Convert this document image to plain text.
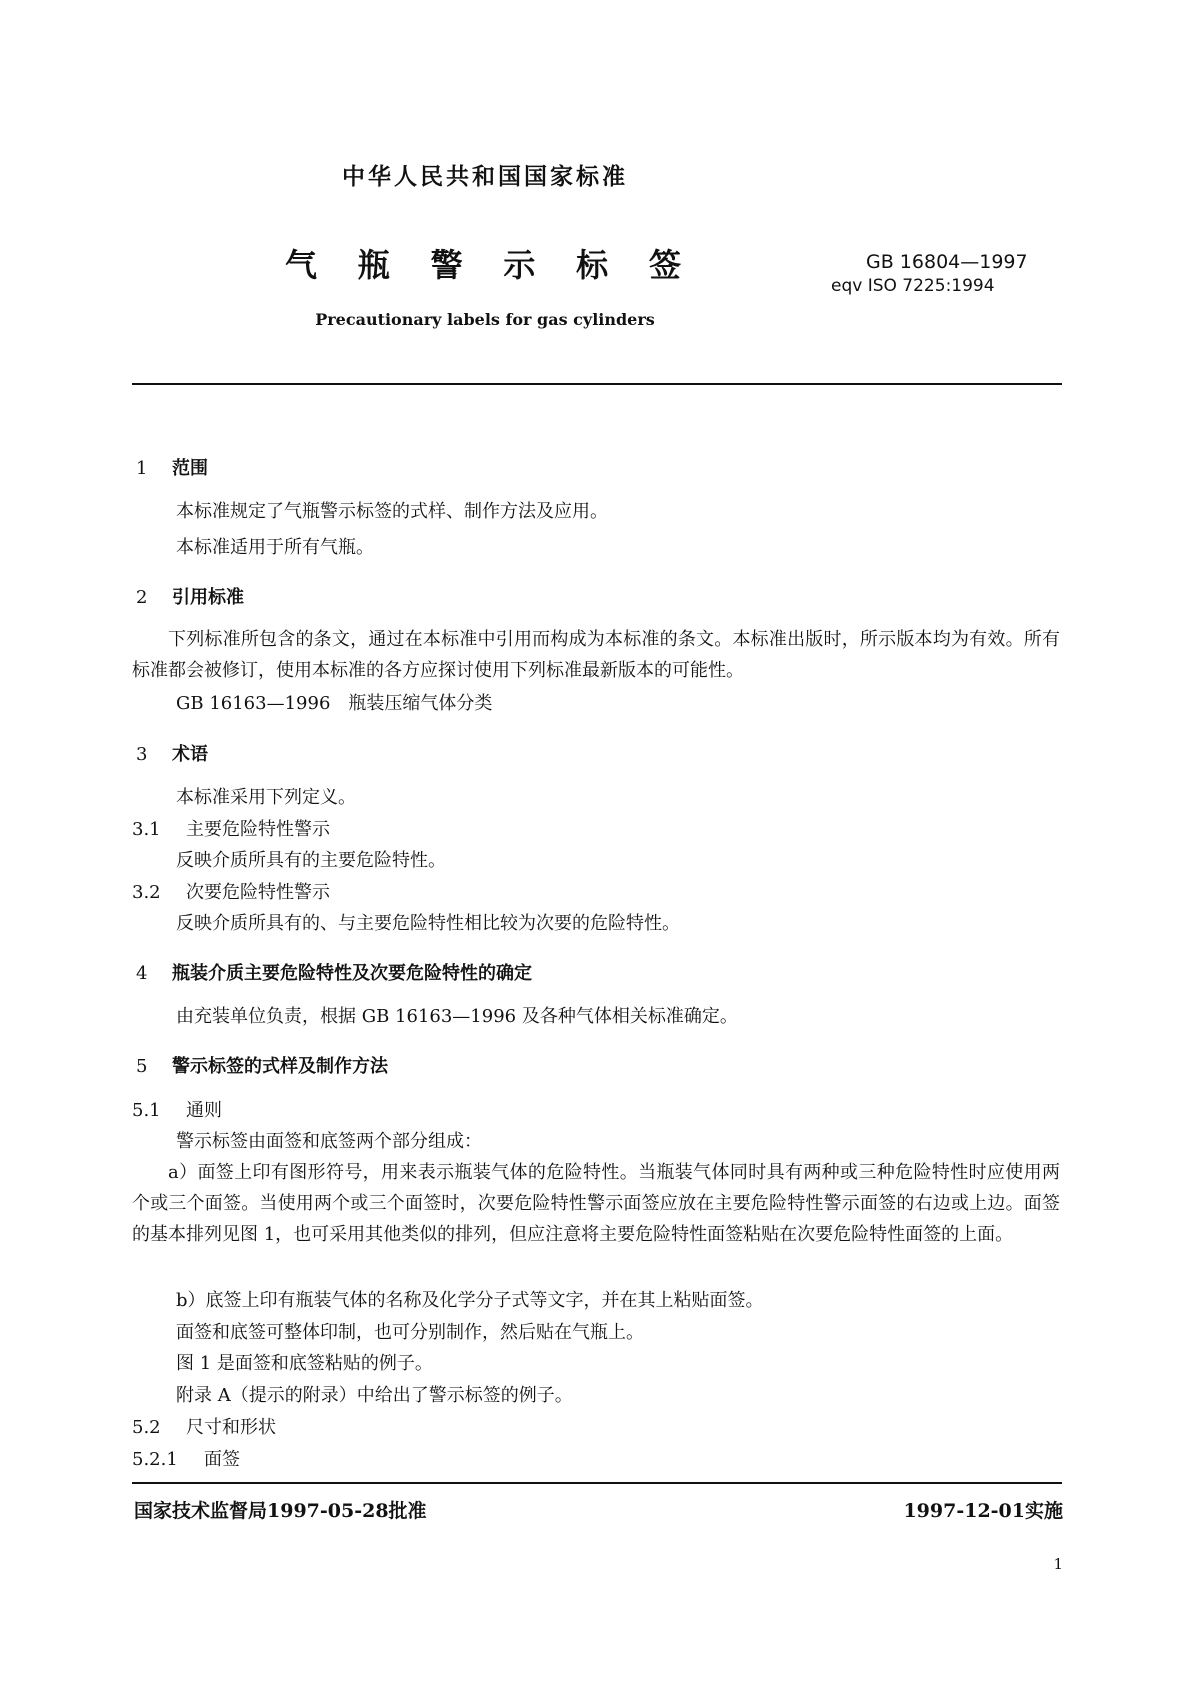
中华人民共和国国家标准
气 瓶 警 示 标 签	GB 16804—1997
eqv ISO 7225:1994
Precautionary labels for gas cylinders
1 范围
本标准规定了气瓶警示标签的式样、制作方法及应用。
本标准适用于所有气瓶。
2 引用标准
下列标准所包含的条文，通过在本标准中引用而构成为本标准的条文。本标准出版时，所示版本均为有效。所有标准都会被修订，使用本标准的各方应探讨使用下列标准最新版本的可能性。
GB 16163—1996　瓶装压缩气体分类
3 术语
本标准采用下列定义。
3.1 主要危险特性警示
反映介质所具有的主要危险特性。
3.2 次要危险特性警示
反映介质所具有的、与主要危险特性相比较为次要的危险特性。
4 瓶装介质主要危险特性及次要危险特性的确定
由充装单位负责，根据 GB 16163—1996 及各种气体相关标准确定。
5 警示标签的式样及制作方法
5.1 通则
警示标签由面签和底签两个部分组成：
a）面签上印有图形符号，用来表示瓶装气体的危险特性。当瓶装气体同时具有两种或三种危险特性时应使用两个或三个面签。当使用两个或三个面签时，次要危险特性警示面签应放在主要危险特性警示面签的右边或上边。面签的基本排列见图 1，也可采用其他类似的排列，但应注意将主要危险特性面签粘贴在次要危险特性面签的上面。
b）底签上印有瓶装气体的名称及化学分子式等文字，并在其上粘贴面签。
面签和底签可整体印制，也可分别制作，然后贴在气瓶上。
图 1 是面签和底签粘贴的例子。
附录 A（提示的附录）中给出了警示标签的例子。
5.2 尺寸和形状
5.2.1 面签
国家技术监督局1997-05-28批准	1997-12-01实施
1
